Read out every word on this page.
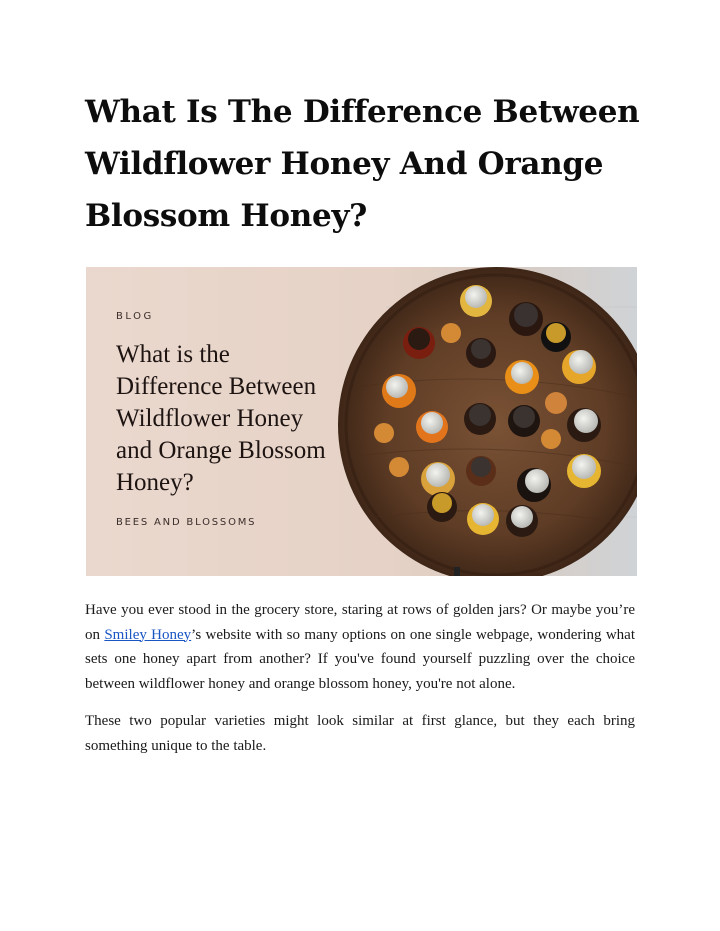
What Is The Difference Between Wildflower Honey And Orange Blossom Honey?
BLOG
What is the
Difference Between
Wildflower Honey
and Orange Blossom
Honey?
BEES AND BLOSSOMS

Have you ever stood in the grocery store, staring at rows of golden jars? Or maybe you’re on Smiley Honey’s website with so many options on one single webpage, wondering what sets one honey apart from another? If you've found yourself puzzling over the choice between wildflower honey and orange blossom honey, you're not alone.

These two popular varieties might look similar at first glance, but they each bring something unique to the table.
